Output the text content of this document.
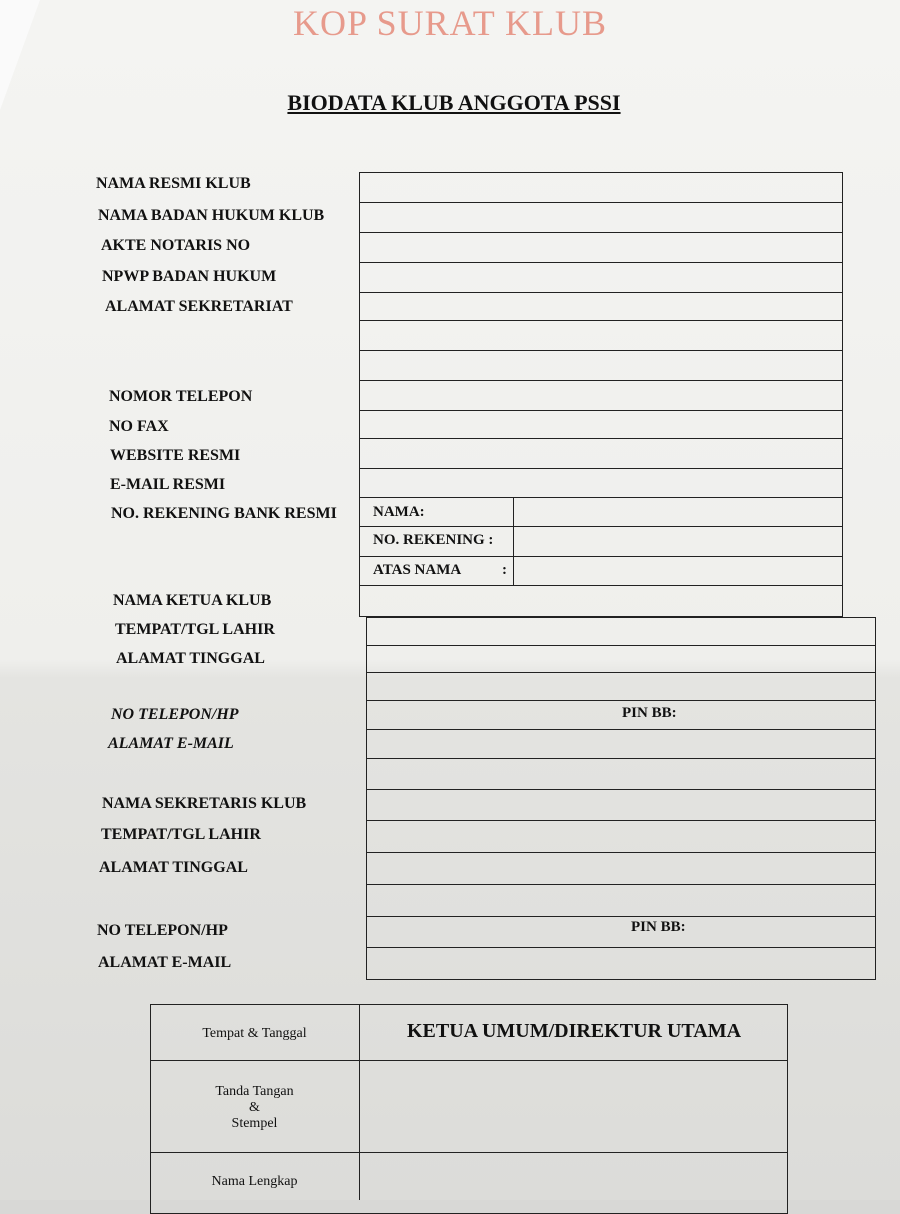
KOP SURAT KLUB
BIODATA KLUB ANGGOTA PSSI
NAMA RESMI KLUB
NAMA BADAN HUKUM KLUB
AKTE NOTARIS NO
NPWP BADAN HUKUM
ALAMAT SEKRETARIAT
NOMOR TELEPON
NO FAX
WEBSITE RESMI
E-MAIL RESMI
NO. REKENING BANK RESMI
NAMA KETUA KLUB
TEMPAT/TGL LAHIR
ALAMAT TINGGAL
NO TELEPON/HP
ALAMAT E-MAIL
NAMA SEKRETARIS KLUB
TEMPAT/TGL LAHIR
ALAMAT TINGGAL
NO TELEPON/HP
ALAMAT E-MAIL
NAMA:
NO. REKENING :
ATAS NAMA	:
PIN BB:
PIN BB:
Tempat & Tanggal	KETUA UMUM/DIREKTUR UTAMA
Tanda Tangan
&
Stempel
Nama Lengkap
